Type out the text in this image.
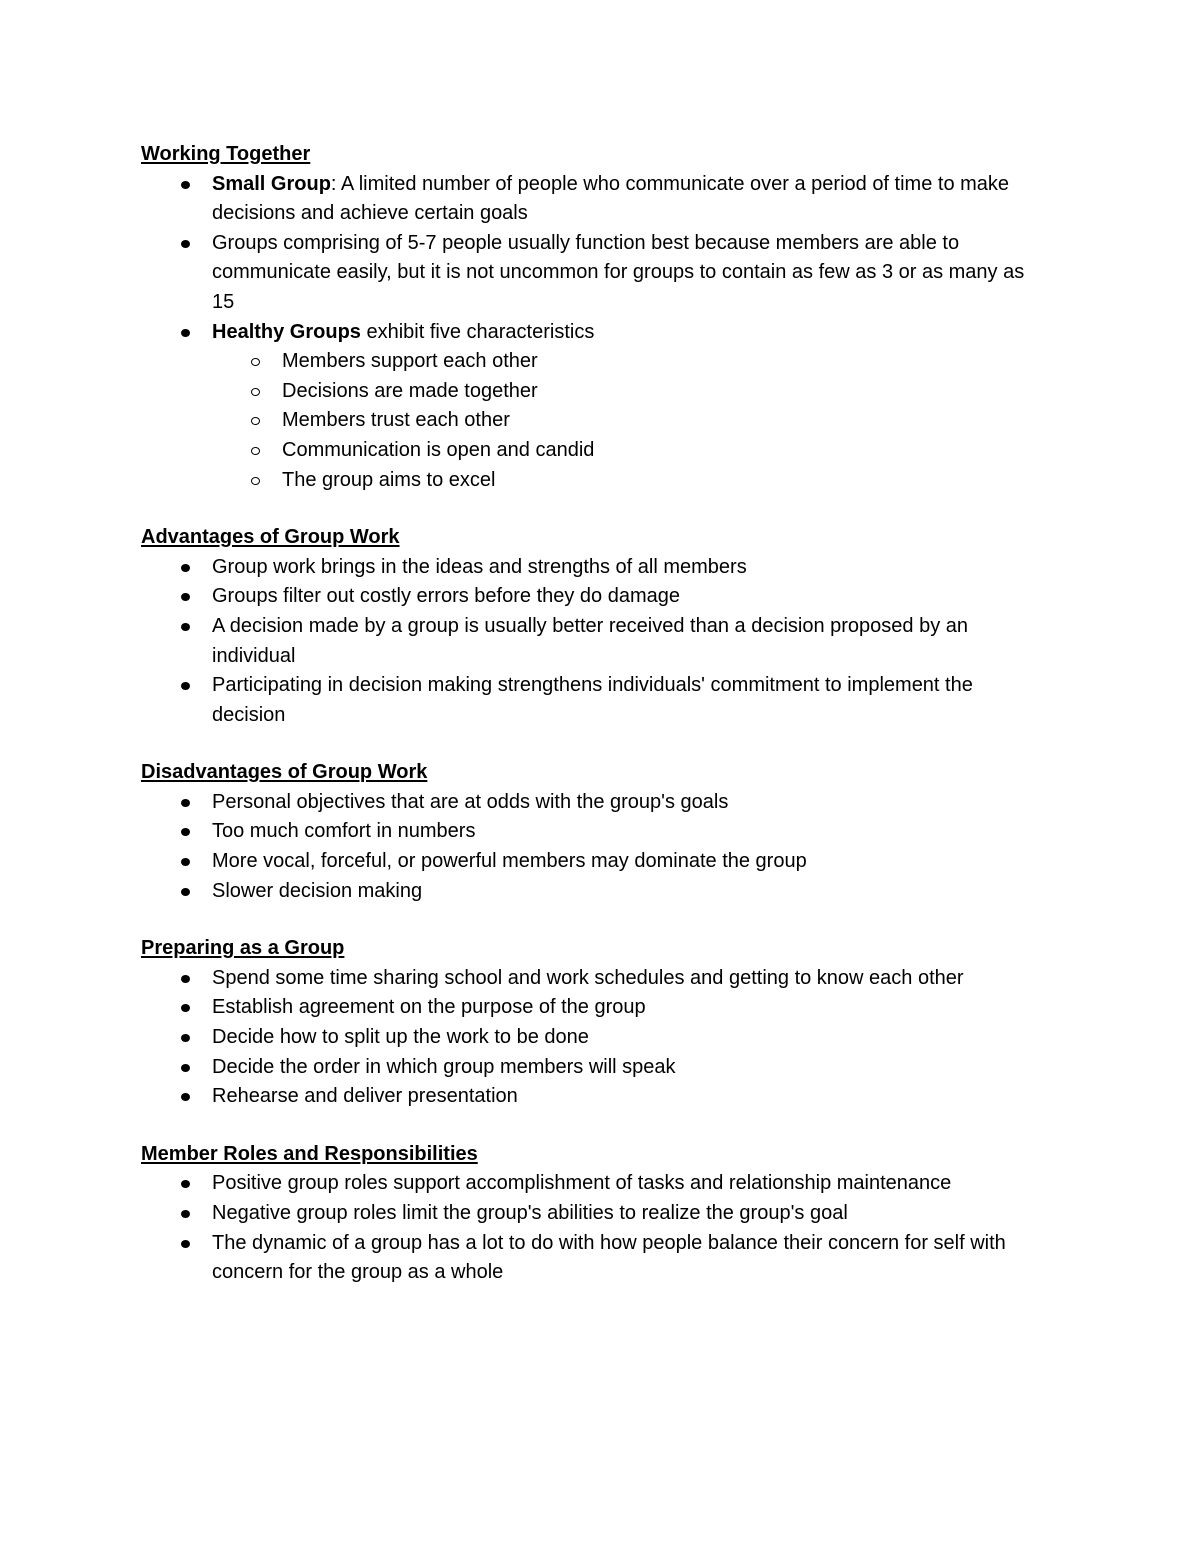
Working Together

Small Group: A limited number of people who communicate over a period of time to make decisions and achieve certain goals
Groups comprising of 5-7 people usually function best because members are able to communicate easily, but it is not uncommon for groups to contain as few as 3 or as many as 15
Healthy Groups exhibit five characteristics
Members support each other
Decisions are made together
Members trust each other
Communication is open and candid
The group aims to excel

Advantages of Group Work

Group work brings in the ideas and strengths of all members
Groups filter out costly errors before they do damage
A decision made by a group is usually better received than a decision proposed by an individual
Participating in decision making strengthens individuals' commitment to implement the decision

Disadvantages of Group Work

Personal objectives that are at odds with the group's goals
Too much comfort in numbers
More vocal, forceful, or powerful members may dominate the group
Slower decision making

Preparing as a Group

Spend some time sharing school and work schedules and getting to know each other
Establish agreement on the purpose of the group
Decide how to split up the work to be done
Decide the order in which group members will speak
Rehearse and deliver presentation

Member Roles and Responsibilities

Positive group roles support accomplishment of tasks and relationship maintenance
Negative group roles limit the group's abilities to realize the group's goal
The dynamic of a group has a lot to do with how people balance their concern for self with concern for the group as a whole
